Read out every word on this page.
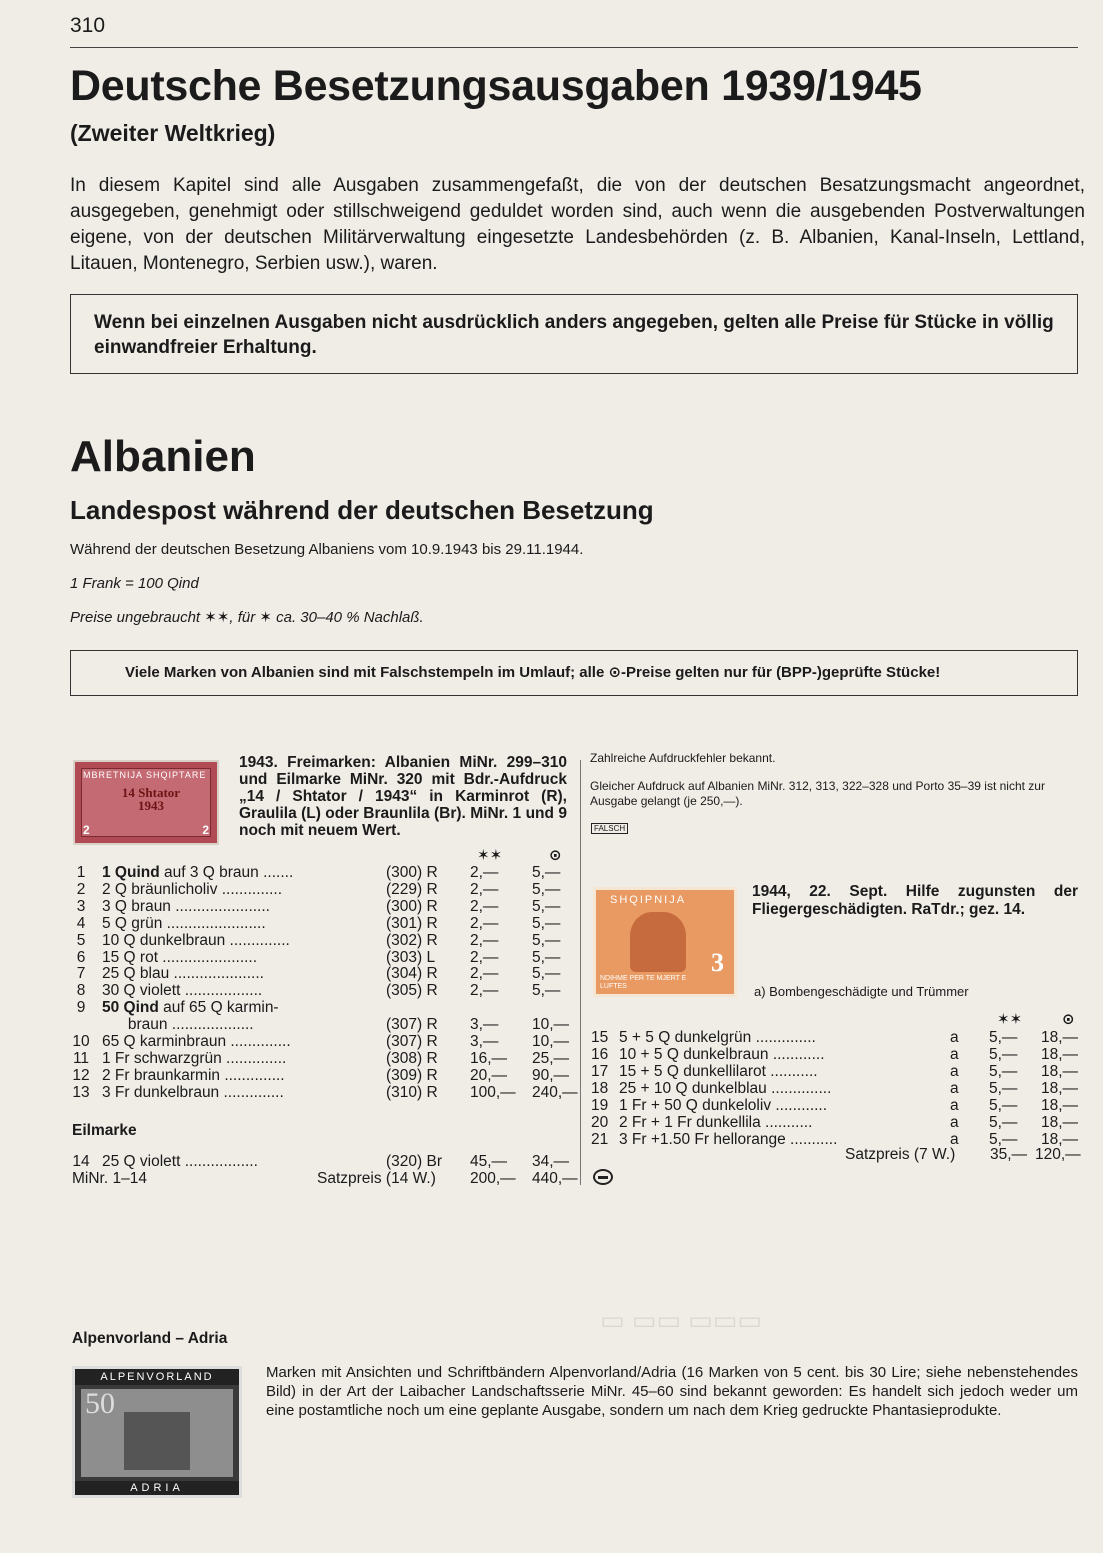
310
▭ ▭▭ ▭▭▭
Deutsche Besetzungsausgaben 1939/1945
(Zweiter Weltkrieg)
In diesem Kapitel sind alle Ausgaben zusammengefaßt, die von der deutschen Besatzungsmacht angeordnet, ausgegeben, genehmigt oder stillschweigend geduldet worden sind, auch wenn die ausgebenden Postverwaltungen eigene, von der deutschen Militärverwaltung eingesetzte Landesbehörden (z. B. Albanien, Kanal-Inseln, Lettland, Litauen, Montenegro, Serbien usw.), waren.
Wenn bei einzelnen Ausgaben nicht ausdrücklich anders angegeben, gelten alle Preise für Stücke in völlig einwandfreier Erhaltung.
Albanien
Landespost während der deutschen Besetzung
Während der deutschen Besetzung Albaniens vom 10.9.1943 bis 29.11.1944.
1 Frank = 100 Qind
Preise ungebraucht ✶✶, für ✶ ca. 30–40 % Nachlaß.
Viele Marken von Albanien sind mit Falschstempeln im Umlauf; alle ⊙-Preise gelten nur für (BPP-)geprüfte Stücke!
MBRETNIJA SHQIPTARE
14 Shtator 1943
2	2
1943. Freimarken: Albanien MiNr. 299–310 und Eilmarke MiNr. 320 mit Bdr.-Aufdruck „14 / Shtator / 1943“ in Karminrot (R), Graulila (L) oder Braunlila (Br). MiNr. 1 und 9 noch mit neuem Wert.
✶✶	⊙
1	1 Quind auf 3 Q braun .......	(300) R 2,— 5,—
2	2 Q bräunlicholiv ..............	(229) R 2,— 5,—
3	3 Q braun ......................	(300) R 2,— 5,—
4	5 Q grün .......................	(301) R 2,— 5,—
5	10 Q dunkelbraun ..............	(302) R 2,— 5,—
6	15 Q rot ......................	(303) L 2,— 5,—
7	25 Q blau .....................	(304) R 2,— 5,—
8	30 Q violett ..................	(305) R 2,— 5,—
9	50 Qind auf 65 Q karmin-
braun ...................	(307) R 3,— 10,—
10 65 Q karminbraun ..............	(307) R 3,— 10,—
11 1 Fr schwarzgrün ..............	(308) R 16,— 25,—
12 2 Fr braunkarmin ..............	(309) R 20,— 90,—
13 3 Fr dunkelbraun ..............	(310) R 100,— 240,—
Eilmarke
14 25 Q violett .................	(320) Br 45,— 34,—
MiNr. 1–14	Satzpreis (14 W.) 200,— 440,—
Zahlreiche Aufdruckfehler bekannt.
Gleicher Aufdruck auf Albanien MiNr. 312, 313, 322–328 und Porto 35–39 ist nicht zur Ausgabe gelangt (je 250,—).
FALSCH
SHQIPNIJA
3
NDIHME PER TE MJERT E LUFTES
1944, 22. Sept. Hilfe zugunsten der Fliegergeschädigten. RaTdr.; gez. 14.
a) Bombengeschädigte und Trümmer
✶✶	⊙
15 5 + 5 Q dunkelgrün ..............	a 5,— 18,—
16 10 + 5 Q dunkelbraun ............	a 5,— 18,—
17 15 + 5 Q dunkellilarot ...........	a 5,— 18,—
18 25 + 10 Q dunkelblau ..............	a 5,— 18,—
19 1 Fr + 50 Q dunkeloliv ............	a 5,— 18,—
20 2 Fr + 1 Fr dunkellila ...........	a 5,— 18,—
21 3 Fr +1.50 Fr hellorange ...........	a 5,— 18,—
Satzpreis (7 W.) 35,— 120,—
Alpenvorland – Adria
ALPENVORLAND
50
ADRIA
Marken mit Ansichten und Schriftbändern Alpenvorland/Adria (16 Marken von 5 cent. bis 30 Lire; siehe nebenstehendes Bild) in der Art der Laibacher Landschaftsserie MiNr. 45–60 sind bekannt geworden: Es handelt sich jedoch weder um eine postamtliche noch um eine geplante Ausgabe, sondern um nach dem Krieg gedruckte Phantasieprodukte.
